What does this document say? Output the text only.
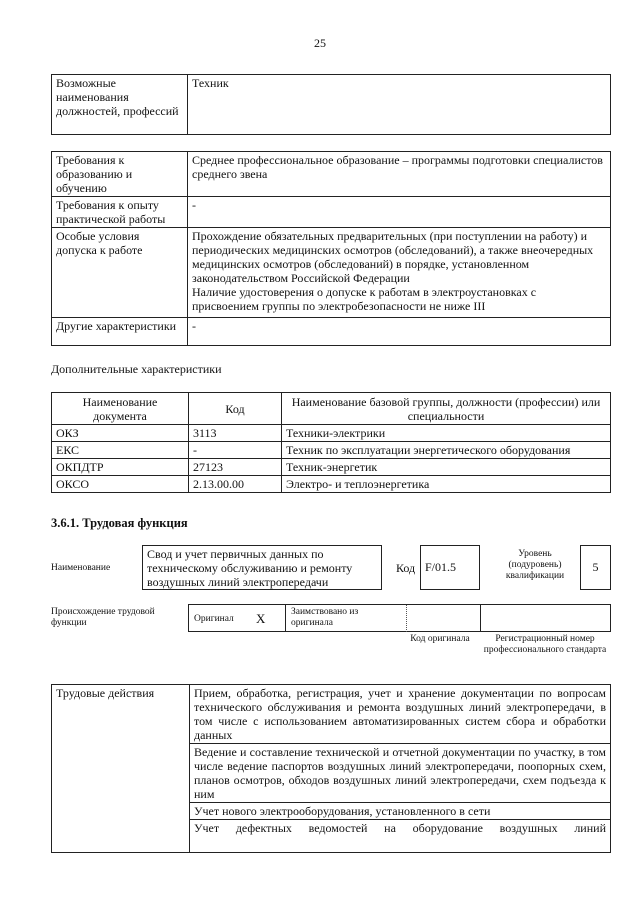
25
Возможные наименования должностей, профессий	Техник
Требования к образованию и обучению	Среднее профессиональное образование – программы подготовки специалистов среднего звена
Требования к опыту практической работы	-
Особые условия допуска к работе	Прохождение обязательных предварительных (при поступлении на работу) и периодических медицинских осмотров (обследований), а также внеочередных медицинских осмотров (обследований) в порядке, установленном законодательством Российской Федерации
Наличие удостоверения о допуске к работам в электроустановках с присвоением группы по электробезопасности не ниже III

Другие характеристики	-
Дополнительные характеристики
Наименование документа	Код	Наименование базовой группы, должности (профессии) или специальности
ОКЗ	3113	Техники-электрики
ЕКС	-	Техник по эксплуатации энергетического оборудования
ОКПДТР	27123	Техник-энергетик
ОКСО	2.13.00.00	Электро- и теплоэнергетика
3.6.1. Трудовая функция
Наименование
Свод и учет первичных данных по техническому обслуживанию и ремонту воздушных линий электропередачи
Код F/01.5
Уровень (подуровень) квалификации
5
Происхождение трудовой функции	Оригинал X	Заимствовано из оригинала
Код оригинала	Регистрационный номер профессионального стандарта
Трудовые действия	Прием, обработка, регистрация, учет и хранение документации по вопросам технического обслуживания и ремонта воздушных линий электропередачи, в том числе с использованием автоматизированных систем сбора и обработки данных
Ведение и составление технической и отчетной документации по участку, в том числе ведение паспортов воздушных линий электропередачи, поопорных схем, планов осмотров, обходов воздушных линий электропередачи, схем подъезда к ним
Учет нового электрооборудования, установленного в сети
Учет дефектных ведомостей на оборудование воздушных линий
